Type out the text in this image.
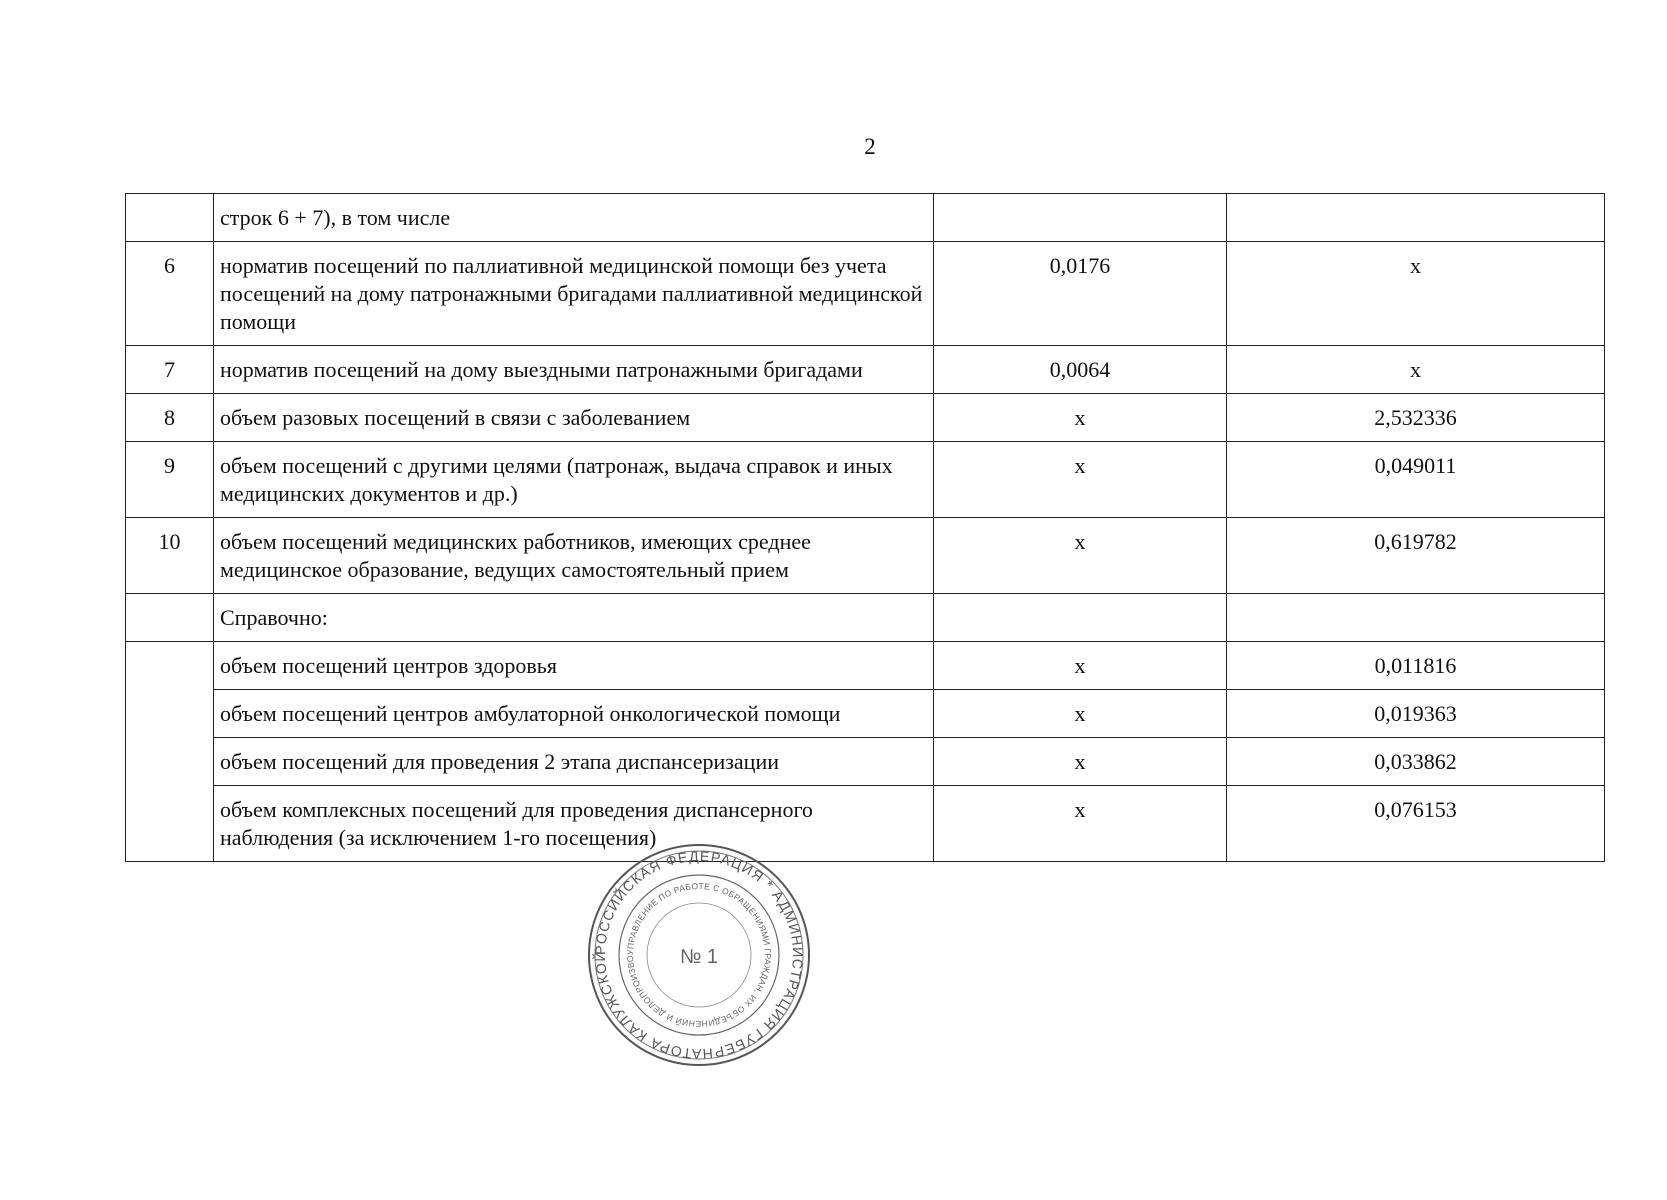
2
	строк 6 + 7), в том числе		
6	норматив посещений по паллиативной медицинской помощи без учета посещений на дому патронажными бригадами паллиативной медицинской помощи	0,0176	х
7	норматив посещений на дому выездными патронажными бригадами	0,0064	х
8	объем разовых посещений в связи с заболеванием	х	2,532336
9	объем посещений с другими целями (патронаж, выдача справок и иных медицинских документов и др.)	х	0,049011
10	объем посещений медицинских работников, имеющих среднее медицинское образование, ведущих самостоятельный прием	х	0,619782
	Справочно:		
	объем посещений центров здоровья	х	0,011816
	объем посещений центров амбулаторной онкологической помощи	х	0,019363
	объем посещений для проведения 2 этапа диспансеризации	х	0,033862
	объем комплексных посещений для проведения диспансерного наблюдения (за исключением 1-го посещения)	х	0,076153
РОССИЙСКАЯ ФЕДЕРАЦИЯ * АДМИНИСТРАЦИЯ ГУБЕРНАТОРА КАЛУЖСКОЙ	УПРАВЛЕНИЕ ПО РАБОТЕ С ОБРАЩЕНИЯМИ ГРАЖДАН, ИХ ОБЪЕДИНЕНИЙ И ДЕЛОПРОИЗВО	№ 1
